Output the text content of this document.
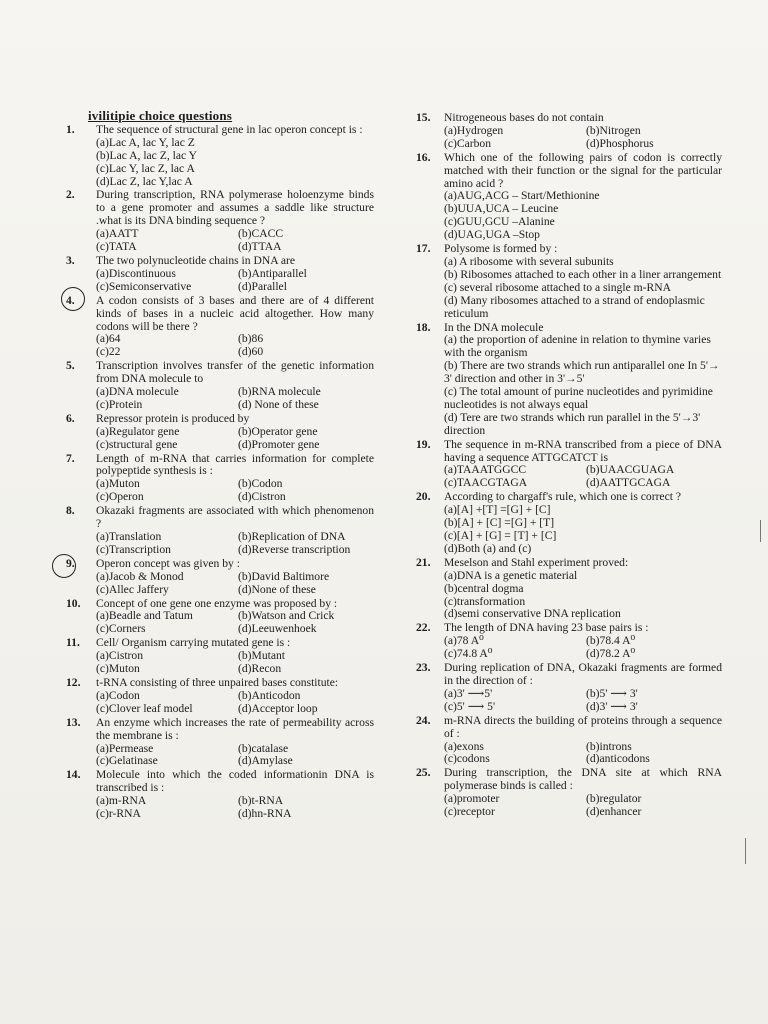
ivilitipie choice questions
1.	The sequence of structural gene in lac operon concept is :
(a)Lac A, lac Y, lac Z
(b)Lac A, lac Z, lac Y
(c)Lac Y, lac Z, lac A
(d)Lac Z, lac Y,lac A
2.	During transcription, RNA polymerase holoenzyme binds to a gene promoter and assumes a saddle like structure .what is its DNA binding sequence ?
(a)AATT	(b)CACC
(c)TATA	(d)TTAA
3.	The two polynucleotide chains in DNA are
(a)Discontinuous	(b)Antiparallel
(c)Semiconservative	(d)Parallel
4.	A codon consists of 3 bases and there are of 4 different kinds of bases in a nucleic acid altogether. How many codons will be there ?
(a)64	(b)86
(c)22	(d)60
5.	Transcription involves transfer of the genetic information from DNA molecule to
(a)DNA molecule	(b)RNA molecule
(c)Protein	(d) None of these
6.	Repressor protein is produced by
(a)Regulator gene	(b)Operator gene
(c)structural gene	(d)Promoter gene
7.	Length of m-RNA that carries information for complete polypeptide synthesis is :
(a)Muton	(b)Codon
(c)Operon	(d)Cistron
8.	Okazaki fragments are associated with which phenomenon ?
(a)Translation	(b)Replication of DNA
(c)Transcription	(d)Reverse transcription
9.	Operon concept was given by :
(a)Jacob & Monod	(b)David Baltimore
(c)Allec Jaffery	(d)None of these
10.	Concept of one gene one enzyme was proposed by :
(a)Beadle and Tatum	(b)Watson and Crick
(c)Corners	(d)Leeuwenhoek
11.	Cell/ Organism carrying mutated gene is :
(a)Cistron	(b)Mutant
(c)Muton	(d)Recon
12.	t-RNA consisting of three unpaired bases constitute:
(a)Codon	(b)Anticodon
(c)Clover leaf model	(d)Acceptor loop
13.	An enzyme which increases the rate of permeability across the membrane is :
(a)Permease	(b)catalase
(c)Gelatinase	(d)Amylase
14.	Molecule into which the coded informationin DNA is transcribed is :
(a)m-RNA	(b)t-RNA
(c)r-RNA	(d)hn-RNA
15.	Nitrogeneous bases do not contain
(a)Hydrogen	(b)Nitrogen
(c)Carbon	(d)Phosphorus
16.	Which one of the following pairs of codon is correctly matched with their function or the signal for the particular amino acid ?
(a)AUG,ACG – Start/Methionine
(b)UUA,UCA – Leucine
(c)GUU,GCU –Alanine
(d)UAG,UGA –Stop
17.	Polysome is formed by :
(a) A ribosome with several subunits
(b) Ribosomes attached to each other in a liner arrangement
(c) several ribosome attached to a single m-RNA
(d) Many ribosomes attached to a strand of endoplasmic reticulum
18.	In the DNA molecule
(a) the proportion of adenine in relation to thymine varies with the organism
(b) There are two strands which run antiparallel one In 5'→ 3' direction and other in 3'→5'
(c) The total amount of purine nucleotides and pyrimidine nucleotides is not always equal
(d) Tere are two strands which run parallel in the 5'→3' direction
19.	The sequence in m-RNA transcribed from a piece of DNA having a sequence ATTGCATCT is
(a)TAAATGGCC	(b)UAACGUAGA
(c)TAACGTAGA	(d)AATTGCAGA
20.	According to chargaff's rule, which one is correct ?
(a)[A] +[T] =[G] + [C]
(b)[A] + [C] =[G] + [T]
(c)[A] + [G] = [T] + [C]
(d)Both (a) and (c)
21.	Meselson and Stahl experiment proved:
(a)DNA is a genetic material
(b)central dogma
(c)transformation
(d)semi conservative DNA replication
22.	The length of DNA having 23 base pairs is :
(a)78 A⁰	(b)78.4 A⁰
(c)74.8 A⁰	(d)78.2 A⁰
23.	During replication of DNA, Okazaki fragments are formed in the direction of :
(a)3' ⟶5'	(b)5' ⟶ 3'
(c)5' ⟶ 5'	(d)3' ⟶ 3'
24.	m-RNA directs the building of proteins through a sequence of :
(a)exons	(b)introns
(c)codons	(d)anticodons
25.	During transcription, the DNA site at which RNA polymerase binds is called :
(a)promoter	(b)regulator
(c)receptor	(d)enhancer
